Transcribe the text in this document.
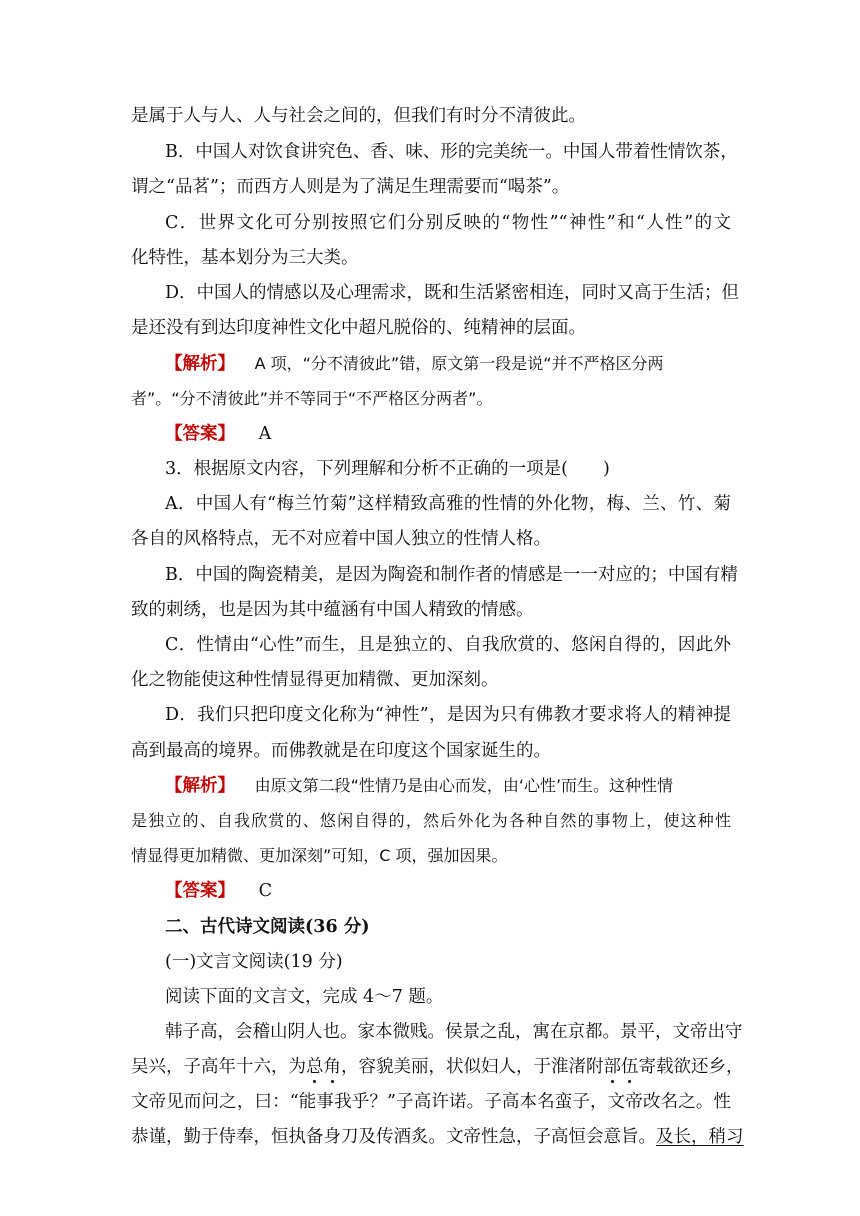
是属于人与人、人与社会之间的，但我们有时分不清彼此。
B．中国人对饮食讲究色、香、味、形的完美统一。中国人带着性情饮茶，
谓之“品茗”；而西方人则是为了满足生理需要而“喝茶”。
C．世界文化可分别按照它们分别反映的“物性”“神性”和“人性”的文
化特性，基本划分为三大类。
D．中国人的情感以及心理需求，既和生活紧密相连，同时又高于生活；但
是还没有到达印度神性文化中超凡脱俗的、纯精神的层面。
【解析】 A 项，“分不清彼此”错，原文第一段是说“并不严格区分两
者”。“分不清彼此”并不等同于“不严格区分两者”。
【答案】 A
3．根据原文内容，下列理解和分析不正确的一项是(　　)
A．中国人有“梅兰竹菊”这样精致高雅的性情的外化物，梅、兰、竹、菊
各自的风格特点，无不对应着中国人独立的性情人格。
B．中国的陶瓷精美，是因为陶瓷和制作者的情感是一一对应的；中国有精
致的刺绣，也是因为其中蕴涵有中国人精致的情感。
C．性情由“心性”而生，且是独立的、自我欣赏的、悠闲自得的，因此外
化之物能使这种性情显得更加精微、更加深刻。
D．我们只把印度文化称为“神性”，是因为只有佛教才要求将人的精神提
高到最高的境界。而佛教就是在印度这个国家诞生的。
【解析】 由原文第二段“性情乃是由心而发，由‘心性’而生。这种性情
是独立的、自我欣赏的、悠闲自得的，然后外化为各种自然的事物上，使这种性
情显得更加精微、更加深刻”可知，C 项，强加因果。
【答案】 C
二、古代诗文阅读(36 分)
(一)文言文阅读(19 分)
阅读下面的文言文，完成 4～7 题。
韩子高，会稽山阴人也。家本微贱。侯景之乱，寓在京都。景平，文帝出守
吴兴，子高年十六，为总角，容貌美丽，状似妇人，于淮渚附部伍寄载欲还乡，
文帝见而问之，曰：“能事我乎？”子高许诺。子高本名蛮子，文帝改名之。性
恭谨，勤于侍奉，恒执备身刀及传酒炙。文帝性急，子高恒会意旨。及长，稍习
